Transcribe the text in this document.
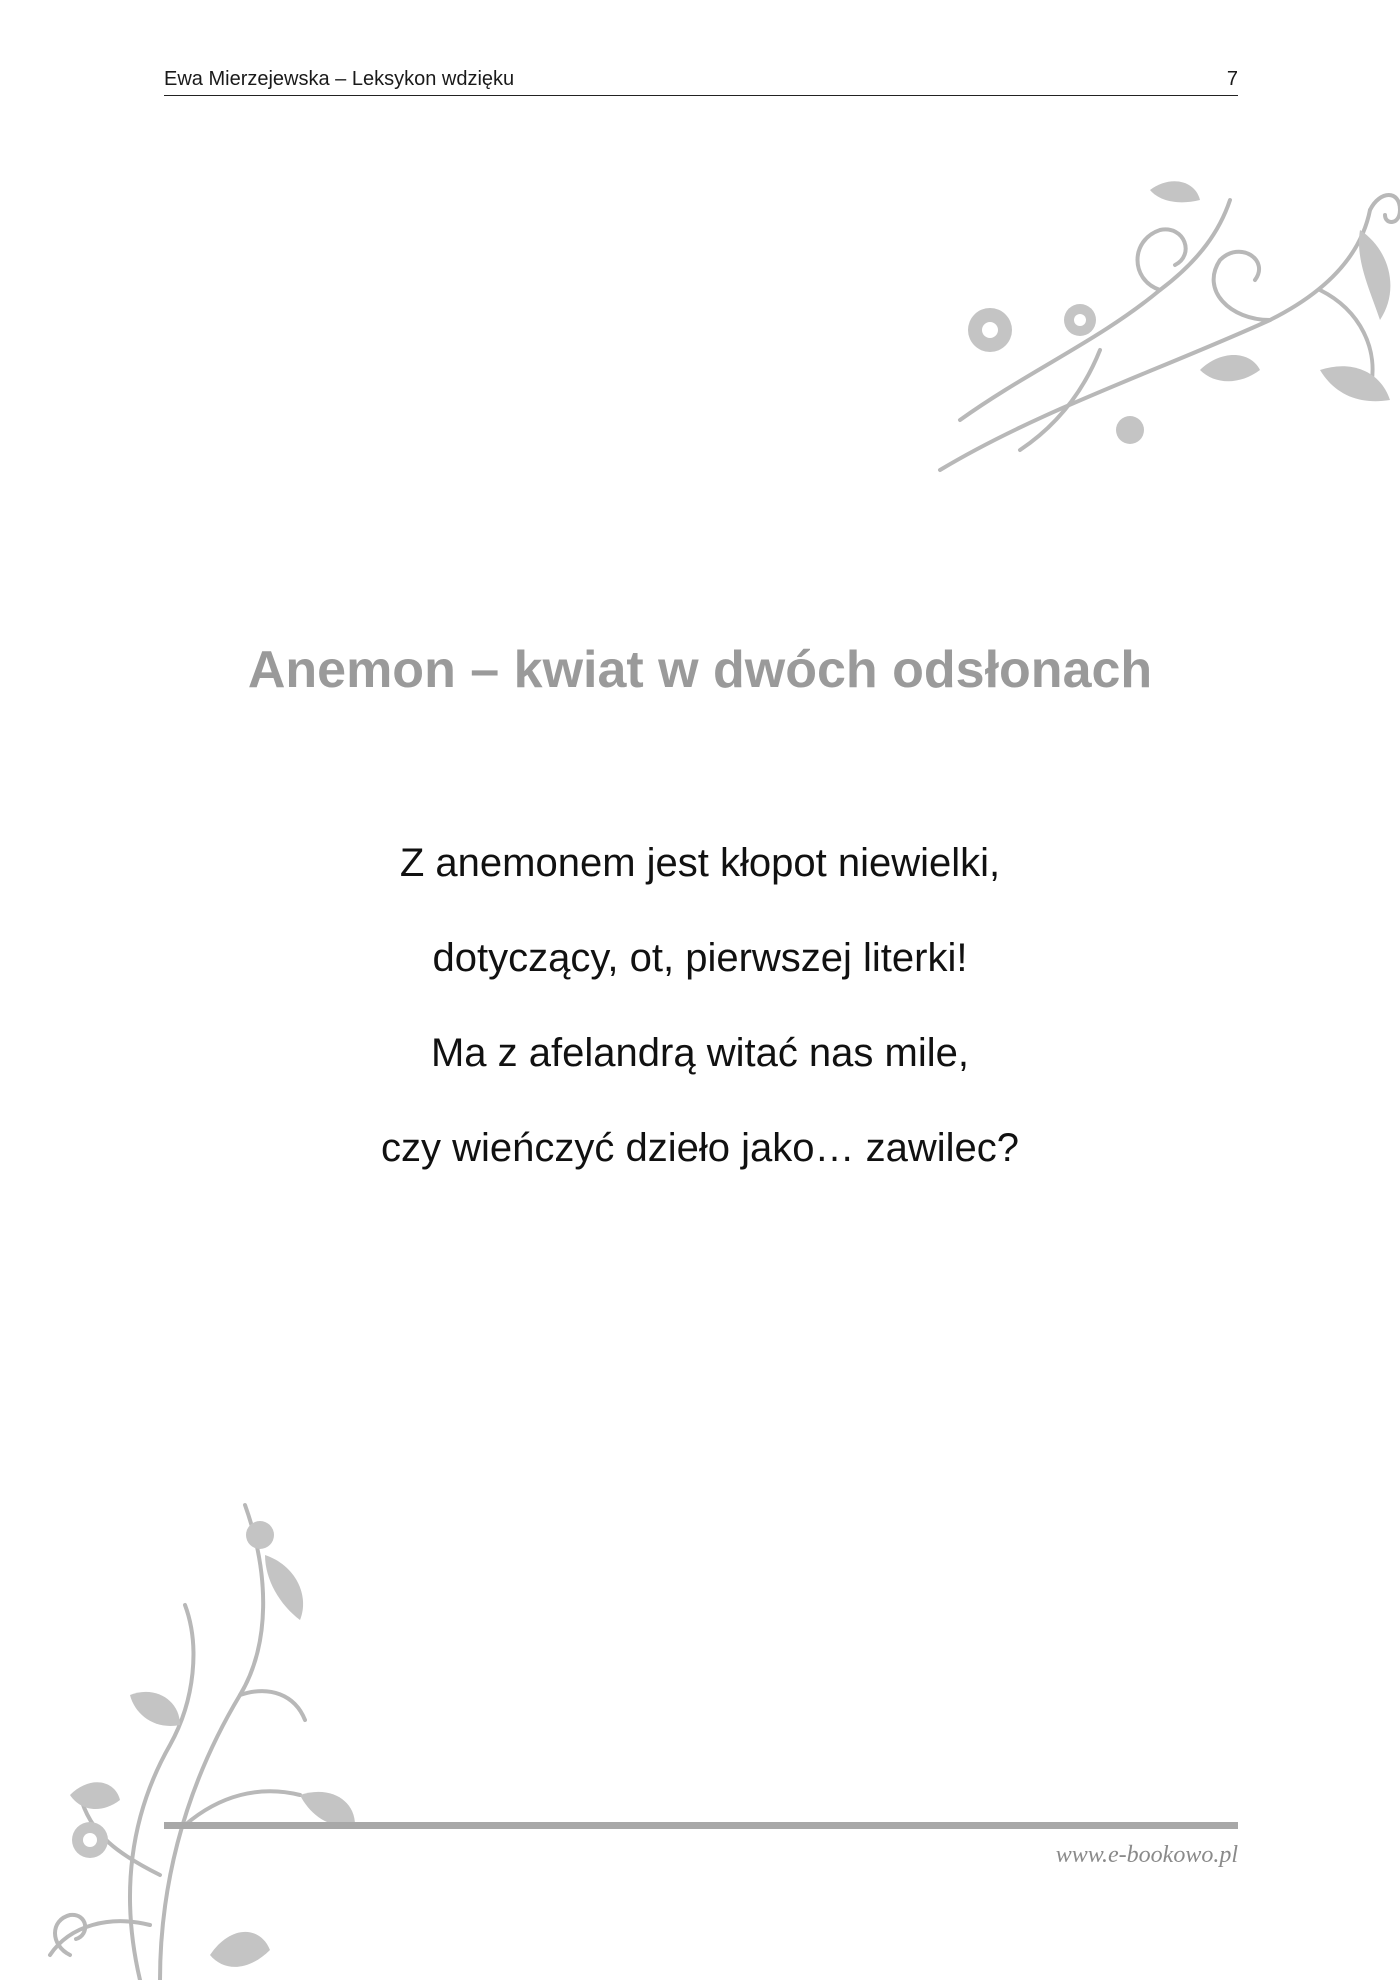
Ewa Mierzejewska – Leksykon wdzięku	7
Anemon – kwiat w dwóch odsłonach
Z anemonem jest kłopot niewielki,
dotyczący, ot, pierwszej literki!
Ma z afelandrą witać nas mile,
czy wieńczyć dzieło jako… zawilec?
www.e-bookowo.pl
